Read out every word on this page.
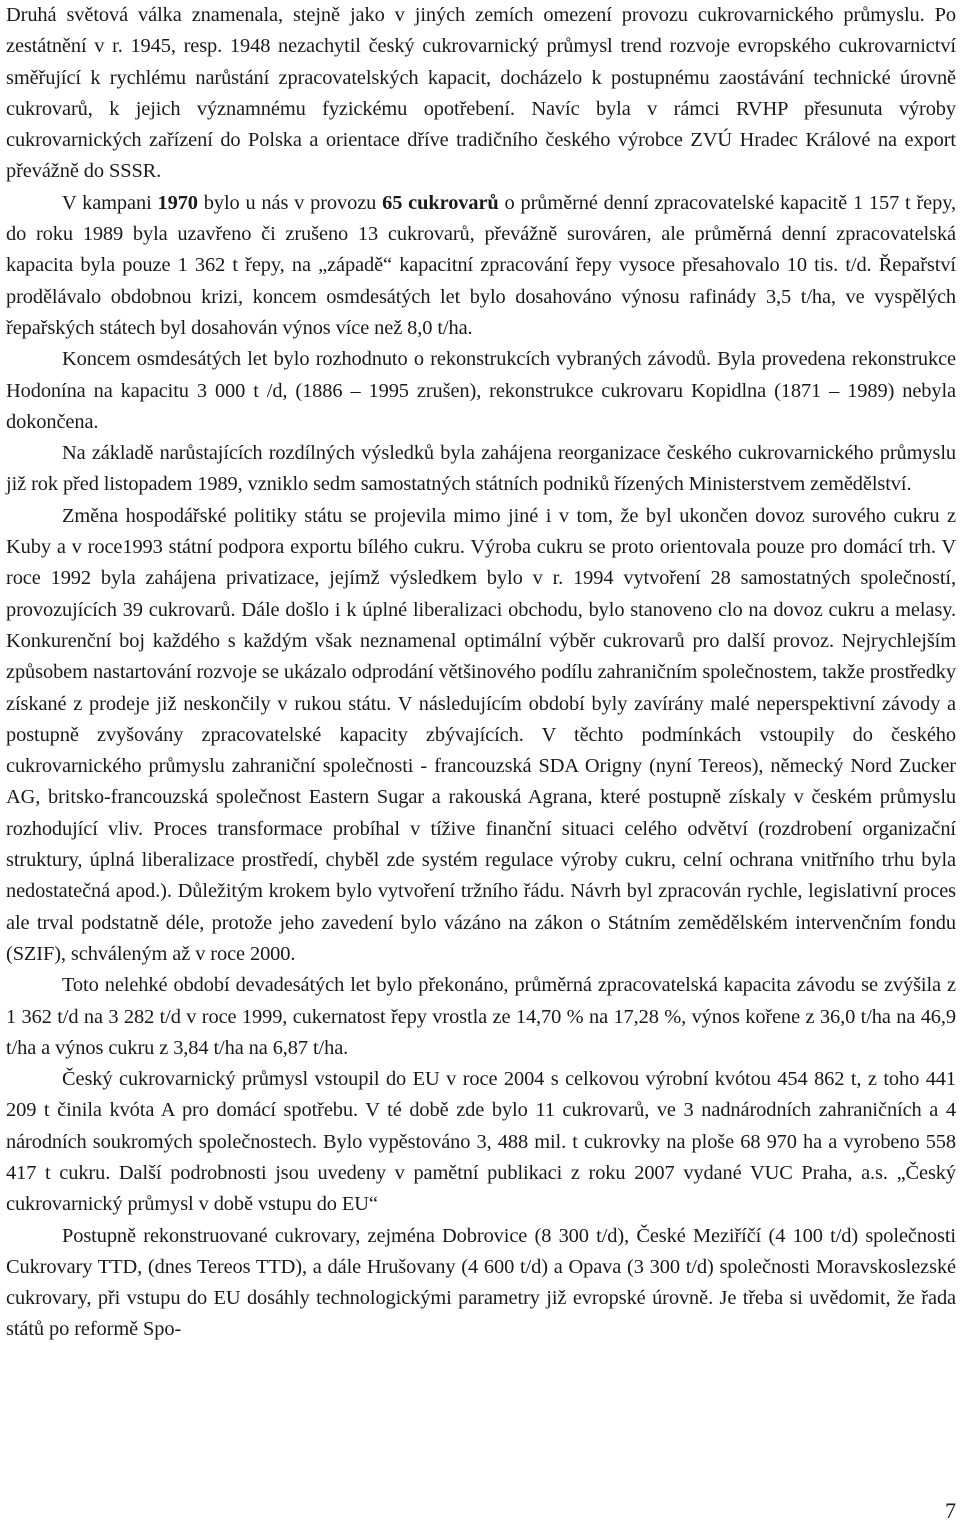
Druhá světová válka znamenala, stejně jako v jiných zemích omezení provozu cukrovarnického průmyslu. Po zestátnění v r. 1945, resp. 1948 nezachytil český cukrovarnický průmysl trend rozvoje evropského cukrovarnictví směřující k rychlému narůstání zpracovatelských kapacit, docházelo k postupnému zaostávání technické úrovně cukrovarů, k jejich významnému fyzickému opotřebení. Navíc byla v rámci RVHP přesunuta výroby cukrovarnických zařízení do Polska a orientace dříve tradičního českého výrobce ZVÚ Hradec Králové na export převážně do SSSR.

V kampani 1970 bylo u nás v provozu 65 cukrovarů o průměrné denní zpracovatelské kapacitě 1 157 t řepy, do roku 1989 byla uzavřeno či zrušeno 13 cukrovarů, převážně surováren, ale průměrná denní zpracovatelská kapacita byla pouze 1 362 t řepy, na „západě“ kapacitní zpracování řepy vysoce přesahovalo 10 tis. t/d. Řepařství prodělávalo obdobnou krizi, koncem osmdesátých let bylo dosahováno výnosu rafinády 3,5 t/ha, ve vyspělých řepařských státech byl dosahován výnos více než 8,0 t/ha.

Koncem osmdesátých let bylo rozhodnuto o rekonstrukcích vybraných závodů. Byla provedena rekonstrukce Hodonína na kapacitu 3 000 t /d, (1886 – 1995 zrušen), rekonstrukce cukrovaru Kopidlna (1871 – 1989) nebyla dokončena.

Na základě narůstajících rozdílných výsledků byla zahájena reorganizace českého cukrovarnického průmyslu již rok před listopadem 1989, vzniklo sedm samostatných státních podniků řízených Ministerstvem zemědělství.

Změna hospodářské politiky státu se projevila mimo jiné i v tom, že byl ukončen dovoz surového cukru z Kuby a v roce1993 státní podpora exportu bílého cukru. Výroba cukru se proto orientovala pouze pro domácí trh. V roce 1992 byla zahájena privatizace, jejímž výsledkem bylo v r. 1994 vytvoření 28 samostatných společností, provozujících 39 cukrovarů. Dále došlo i k úplné liberalizaci obchodu, bylo stanoveno clo na dovoz cukru a melasy. Konkurenční boj každého s každým však neznamenal optimální výběr cukrovarů pro další provoz. Nejrychlejším způsobem nastartování rozvoje se ukázalo odprodání většinového podílu zahraničním společnostem, takže prostředky získané z prodeje již neskončily v rukou státu. V následujícím období byly zavírány malé neperspektivní závody a postupně zvyšovány zpracovatelské kapacity zbývajících. V těchto podmínkách vstoupily do českého cukrovarnického průmyslu zahraniční společnosti - francouzská SDA Origny (nyní Tereos), německý Nord Zucker AG, britsko-francouzská společnost Eastern Sugar a rakouská Agrana, které postupně získaly v českém průmyslu rozhodující vliv. Proces transformace probíhal v tížive finanční situaci celého odvětví (rozdrobení organizační struktury, úplná liberalizace prostředí, chyběl zde systém regulace výroby cukru, celní ochrana vnitřního trhu byla nedostatečná apod.). Důležitým krokem bylo vytvoření tržního řádu. Návrh byl zpracován rychle, legislativní proces ale trval podstatně déle, protože jeho zavedení bylo vázáno na zákon o Státním zemědělském intervenčním fondu (SZIF), schváleným až v roce 2000.

Toto nelehké období devadesátých let bylo překonáno, průměrná zpracovatelská kapacita závodu se zvýšila z 1 362 t/d na 3 282 t/d v roce 1999, cukernatost řepy vrostla ze 14,70 % na 17,28 %, výnos kořene z 36,0 t/ha na 46,9 t/ha a výnos cukru z 3,84 t/ha na 6,87 t/ha.

Český cukrovarnický průmysl vstoupil do EU v roce 2004 s celkovou výrobní kvótou 454 862 t, z toho 441 209 t činila kvóta A pro domácí spotřebu. V té době zde bylo 11 cukrovarů, ve 3 nadnárodních zahraničních a 4 národních soukromých společnostech. Bylo vypěstováno 3, 488 mil. t cukrovky na ploše 68 970 ha a vyrobeno 558 417 t cukru. Další podrobnosti jsou uvedeny v pamětní publikaci z roku 2007 vydané VUC Praha, a.s. „Český cukrovarnický průmysl v době vstupu do EU“

Postupně rekonstruované cukrovary, zejména Dobrovice (8 300 t/d), České Meziříčí (4 100 t/d) společnosti Cukrovary TTD, (dnes Tereos TTD), a dále Hrušovany (4 600 t/d) a Opava (3 300 t/d) společnosti Moravskoslezské cukrovary, při vstupu do EU dosáhly technologickými parametry již evropské úrovně. Je třeba si uvědomit, že řada států po reformě Spo-

7
